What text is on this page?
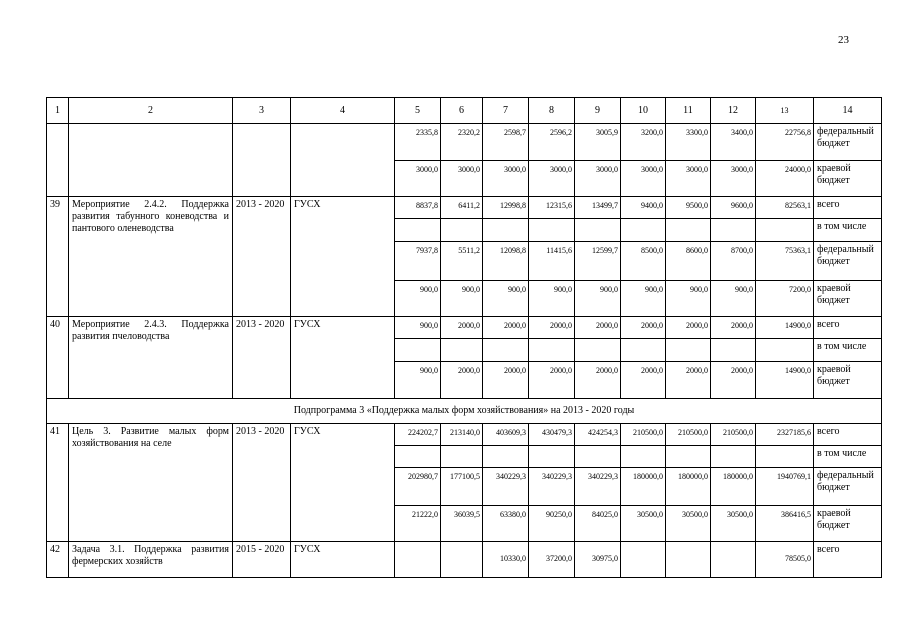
23
1	2	3	4	5	6	7	8	9	10	11	12	13	14
				2335,8	2320,2	2598,7	2596,2	3005,9	3200,0	3300,0	3400,0	22756,8	федеральный бюджет
				3000,0	3000,0	3000,0	3000,0	3000,0	3000,0	3000,0	3000,0	24000,0	краевой бюджет
39	Мероприятие 2.4.2. Поддержка развития табунного коневодства и пантового оленеводства	2013 - 2020	ГУСХ	8837,8	6411,2	12998,8	12315,6	13499,7	9400,0	9500,0	9600,0	82563,1	всего
													в том числе
				7937,8	5511,2	12098,8	11415,6	12599,7	8500,0	8600,0	8700,0	75363,1	федеральный бюджет
				900,0	900,0	900,0	900,0	900,0	900,0	900,0	900,0	7200,0	краевой бюджет
40	Мероприятие 2.4.3. Поддержка развития пчеловодства	2013 - 2020	ГУСХ	900,0	2000,0	2000,0	2000,0	2000,0	2000,0	2000,0	2000,0	14900,0	всего
													в том числе
				900,0	2000,0	2000,0	2000,0	2000,0	2000,0	2000,0	2000,0	14900,0	краевой бюджет
Подпрограмма 3 «Поддержка малых форм хозяйствования» на 2013 - 2020 годы													
41	Цель 3. Развитие малых форм хозяйствования на селе	2013 - 2020	ГУСХ	224202,7	213140,0	403609,3	430479,3	424254,3	210500,0	210500,0	210500,0	2327185,6	всего
													в том числе
				202980,7	177100,5	340229,3	340229,3	340229,3	180000,0	180000,0	180000,0	1940769,1	федеральный бюджет
				21222,0	36039,5	63380,0	90250,0	84025,0	30500,0	30500,0	30500,0	386416,5	краевой бюджет
42	Задача 3.1. Поддержка развития фермерских хозяйств	2015 - 2020	ГУСХ			10330,0	37200,0	30975,0				78505,0	всего
